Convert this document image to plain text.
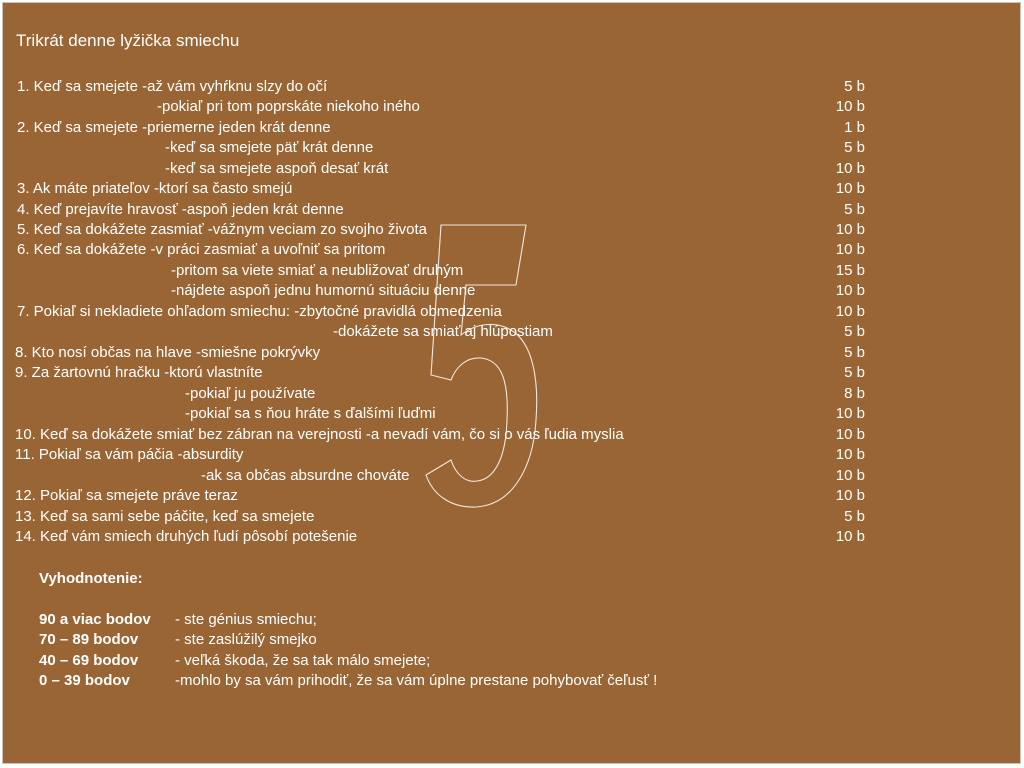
5
Trikrát denne lyžička smiechu
1. Keď sa smejete -až vám vyhŕknu slzy do očí	5 b
-pokiaľ pri tom poprskáte niekoho iného	10 b
2. Keď sa smejete -priemerne jeden krát denne	1 b
-keď sa smejete päť krát denne	5 b
-keď sa smejete aspoň desať krát	10 b
3. Ak máte priateľov -ktorí sa často smejú	10 b
4. Keď prejavíte hravosť -aspoň jeden krát denne	5 b
5. Keď sa dokážete zasmiať -vážnym veciam zo svojho života	10 b
6. Keď sa dokážete -v práci zasmiať a uvoľniť sa pritom	10 b
-pritom sa viete smiať a neubližovať druhým	15 b
-nájdete aspoň jednu humornú situáciu denne	10 b
7. Pokiaľ si nekladiete ohľadom smiechu: -zbytočné pravidlá obmedzenia	10 b
-dokážete sa smiať aj hlúpostiam	5 b
8. Kto nosí občas na hlave -smiešne pokrývky	5 b
9. Za žartovnú hračku -ktorú vlastníte	5 b
-pokiaľ ju používate	8 b
-pokiaľ sa s ňou hráte s ďalšími ľuďmi	10 b
10. Keď sa dokážete smiať bez zábran na verejnosti -a nevadí vám, čo si o vás ľudia myslia	10 b
11. Pokiaľ sa vám páčia -absurdity	10 b
-ak sa občas absurdne chováte	10 b
12. Pokiaľ sa smejete práve teraz	10 b
13. Keď sa sami sebe páčite, keď sa smejete	5 b
14. Keď vám smiech druhých ľudí pôsobí potešenie	10 b
Vyhodnotenie:
90 a viac bodov - ste génius smiechu;
70 – 89 bodov - ste zaslúžilý smejko
40 – 69 bodov - veľká škoda, že sa tak málo smejete;
0 – 39 bodov	-mohlo by sa vám prihodiť, že sa vám úplne prestane pohybovať čeľusť !
